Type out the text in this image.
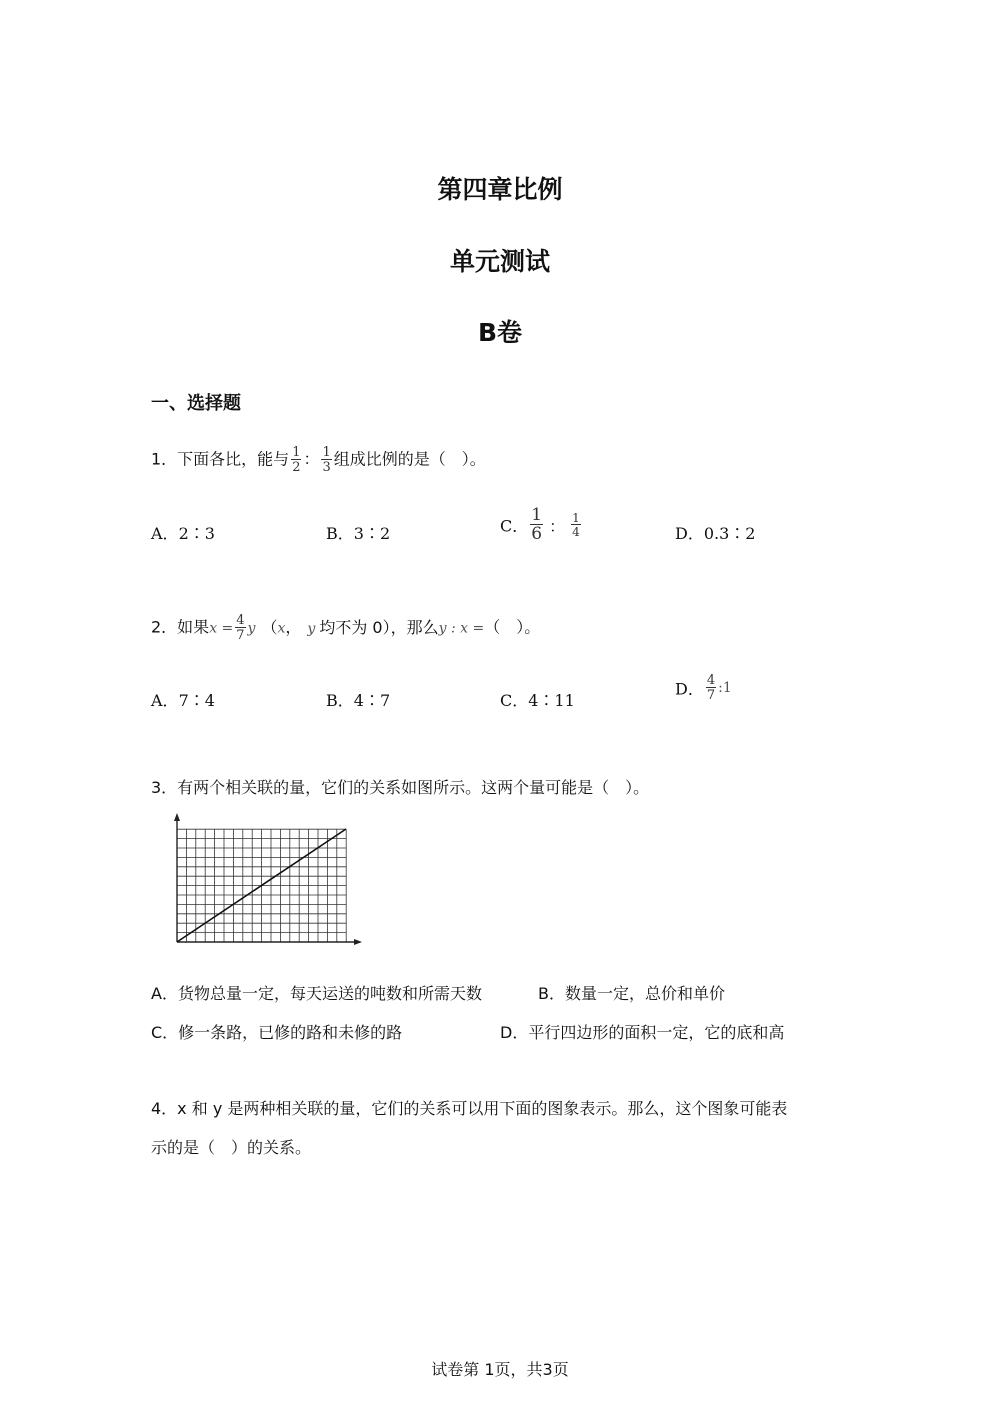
第四章比例
单元测试
B卷
一、选择题
1．下面各比，能与 $\frac{1}{2}$ ： $\frac{1}{3}$ 组成比例的是（　）。
A．2∶3	B．3∶2	C． $\frac{1}{6}$ ： $\frac{1}{4}$	D．0.3∶2
2．如果$x = \frac{4}{7}$ y （x， y 均不为 0），那么y : x =（　）。
A．7∶4	B．4∶7	C．4∶11
D． $\frac{4}{7}$ :1
3．有两个相关联的量，它们的关系如图所示。这两个量可能是（　）。
A．货物总量一定，每天运送的吨数和所需天数	B．数量一定，总价和单价
C．修一条路，已修的路和未修的路	D．平行四边形的面积一定，它的底和高
4．x 和 y 是两种相关联的量，它们的关系可以用下面的图象表示。那么，这个图象可能表
示的是（　）的关系。
试卷第 1页，共3页
